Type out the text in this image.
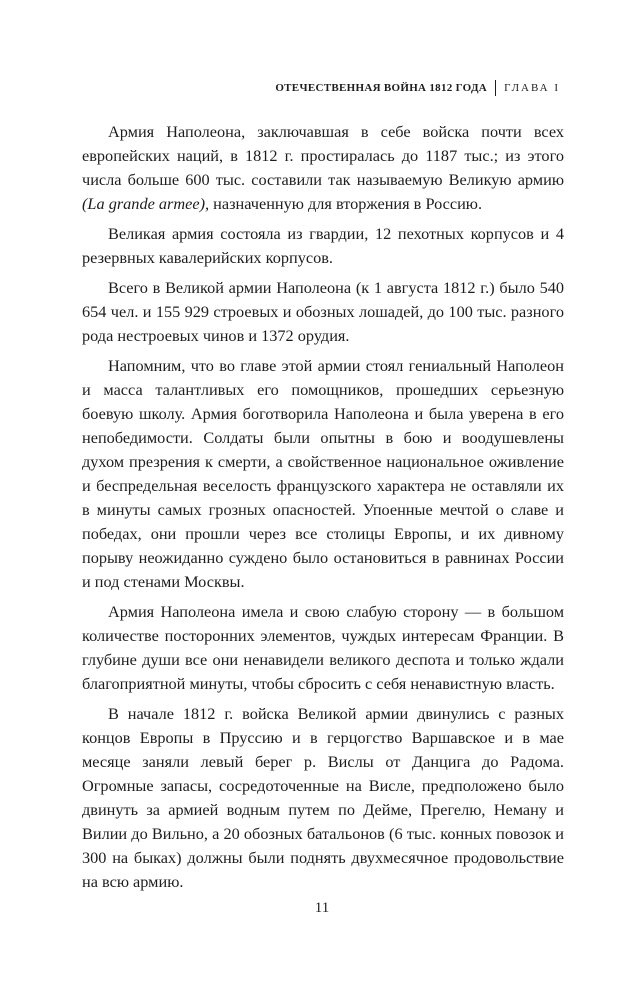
ОТЕЧЕСТВЕННАЯ ВОЙНА 1812 ГОДА ГЛАВА I

Армия Наполеона, заключавшая в себе войска почти всех европейских наций, в 1812 г. простиралась до 1187 тыс.; из этого числа больше 600 тыс. составили так называемую Великую армию (La grande armee), назначенную для вторжения в Россию.

Великая армия состояла из гвардии, 12 пехотных корпусов и 4 резервных кавалерийских корпусов.

Всего в Великой армии Наполеона (к 1 августа 1812 г.) было 540 654 чел. и 155 929 строевых и обозных лошадей, до 100 тыс. разного рода нестроевых чинов и 1372 орудия.

Напомним, что во главе этой армии стоял гениальный Наполеон и масса талантливых его помощников, прошедших серьезную боевую школу. Армия боготворила Наполеона и была уверена в его непобедимости. Солдаты были опытны в бою и воодушевлены духом презрения к смерти, а свойственное национальное оживление и беспредельная веселость французского характера не оставляли их в минуты самых грозных опасностей. Упоенные мечтой о славе и победах, они прошли через все столицы Европы, и их дивному порыву неожиданно суждено было остановиться в равнинах России и под стенами Москвы.

Армия Наполеона имела и свою слабую сторону — в большом количестве посторонних элементов, чуждых интересам Франции. В глубине души все они ненавидели великого деспота и только ждали благоприятной минуты, чтобы сбросить с себя ненавистную власть.

В начале 1812 г. войска Великой армии двинулись с разных концов Европы в Пруссию и в герцогство Варшавское и в мае месяце заняли левый берег р. Вислы от Данцига до Радома. Огромные запасы, сосредоточенные на Висле, предположено было двинуть за армией водным путем по Дейме, Прегелю, Неману и Вилии до Вильно, а 20 обозных батальонов (6 тыс. конных повозок и 300 на быках) должны были поднять двухмесячное продовольствие на всю армию.

11
